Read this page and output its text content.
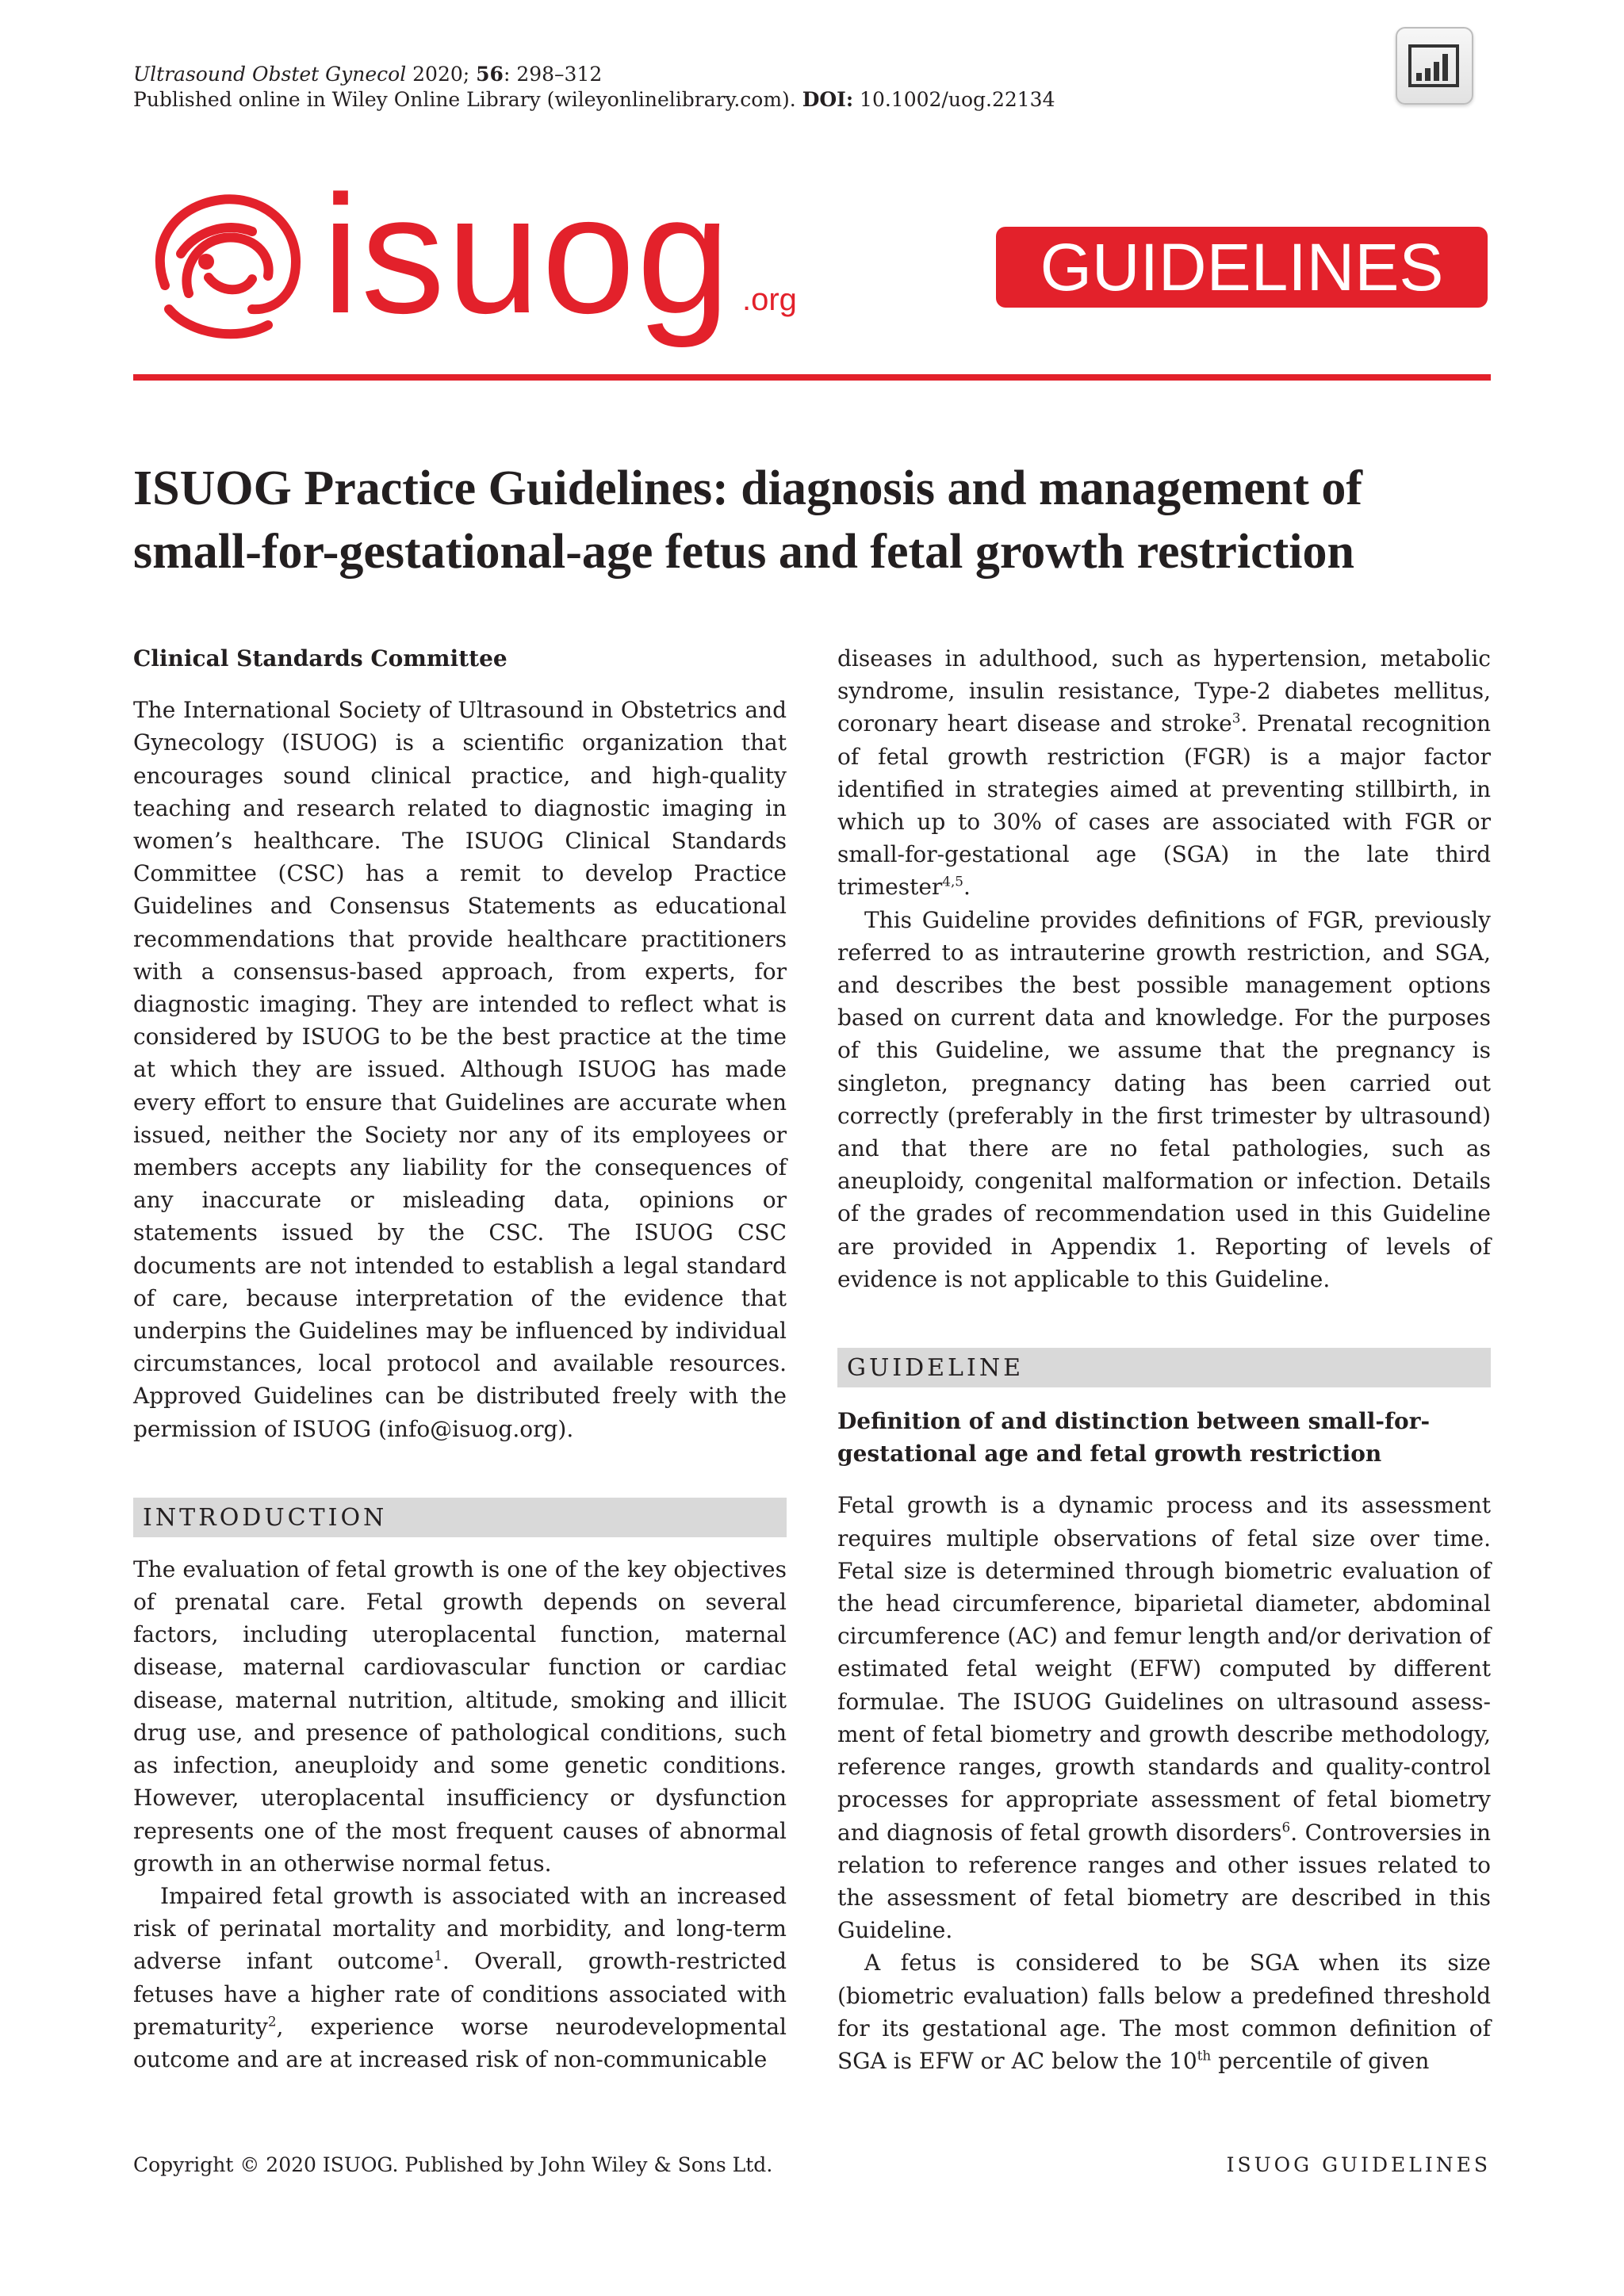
Ultrasound Obstet Gynecol 2020; 56: 298–312
Published online in Wiley Online Library (wileyonlinelibrary.com). DOI: 10.1002/uog.22134
isuog .org	GUIDELINES
ISUOG Practice Guidelines: diagnosis and management of
small-for-gestational-age fetus and fetal growth restriction

Clinical Standards Committee

The International Society of Ultrasound in Obstetrics and Gynecology (ISUOG) is a scientific organization that encourages sound clinical practice, and high-quality teaching and research related to diagnostic imaging in women’s healthcare. The ISUOG Clinical Standards Committee (CSC) has a remit to develop Practice Guidelines and Consensus Statements as educational recommendations that provide healthcare practitioners with a consensus-based approach, from experts, for diagnostic imaging. They are intended to reflect what is considered by ISUOG to be the best practice at the time at which they are issued. Although ISUOG has made every effort to ensure that Guidelines are accurate when issued, neither the Society nor any of its employees or members accepts any liability for the consequences of any inaccurate or misleading data, opinions or statements issued by the CSC. The ISUOG CSC documents are not intended to establish a legal standard of care, because interpretation of the evidence that underpins the Guidelines may be influenced by individual circumstances, local protocol and available resources. Approved Guidelines can be distributed freely with the permission of ISUOG (info@isuog.org).

INTRODUCTION

The evaluation of fetal growth is one of the key objectives of prenatal care. Fetal growth depends on several factors, including uteroplacental function, maternal disease, maternal cardiovascular function or cardiac disease, maternal nutrition, altitude, smoking and illicit drug use, and presence of pathological conditions, such as infection, aneuploidy and some genetic conditions. However, uteroplacental insufficiency or dysfunction represents one of the most frequent causes of abnormal growth in an otherwise normal fetus.

Impaired fetal growth is associated with an increased risk of perinatal mortality and morbidity, and long-term adverse infant outcome$^1$. Overall, growth-restricted fetuses have a higher rate of conditions associated with prematurity$^2$, experience worse neurodevelopmental outcome and are at increased risk of non-communicable

diseases in adulthood, such as hypertension, metabolic syndrome, insulin resistance, Type-2 diabetes mellitus, coronary heart disease and stroke$^3$. Prenatal recognition of fetal growth restriction (FGR) is a major factor identified in strategies aimed at preventing stillbirth, in which up to 30% of cases are associated with FGR or small-for-gestational age (SGA) in the late third trimester$^{4,5}$.

This Guideline provides definitions of FGR, previously referred to as intrauterine growth restriction, and SGA, and describes the best possible management options based on current data and knowledge. For the purposes of this Guideline, we assume that the pregnancy is singleton, pregnancy dating has been carried out correctly (preferably in the first trimester by ultrasound) and that there are no fetal pathologies, such as aneuploidy, congenital malformation or infection. Details of the grades of recommendation used in this Guideline are provided in Appendix 1. Reporting of levels of evidence is not applicable to this Guideline.

GUIDELINE

Definition of and distinction between small-for-
gestational age and fetal growth restriction

Fetal growth is a dynamic process and its assessment requires multiple observations of fetal size over time. Fetal size is determined through biometric evaluation of the head circumference, biparietal diameter, abdominal circumference (AC) and femur length and/or derivation of estimated fetal weight (EFW) computed by different formulae. The ISUOG Guidelines on ultrasound assessment of fetal biometry and growth describe methodology, reference ranges, growth standards and quality-control processes for appropriate assessment of fetal biometry and diagnosis of fetal growth disorders$^6$. Controversies in relation to reference ranges and other issues related to the assessment of fetal biometry are described in this Guideline.

A fetus is considered to be SGA when its size (biometric evaluation) falls below a predefined threshold for its gestational age. The most common definition of SGA is EFW or AC below the 10th percentile of given

Copyright © 2020 ISUOG. Published by John Wiley & Sons Ltd.	ISUOG GUIDELINES
